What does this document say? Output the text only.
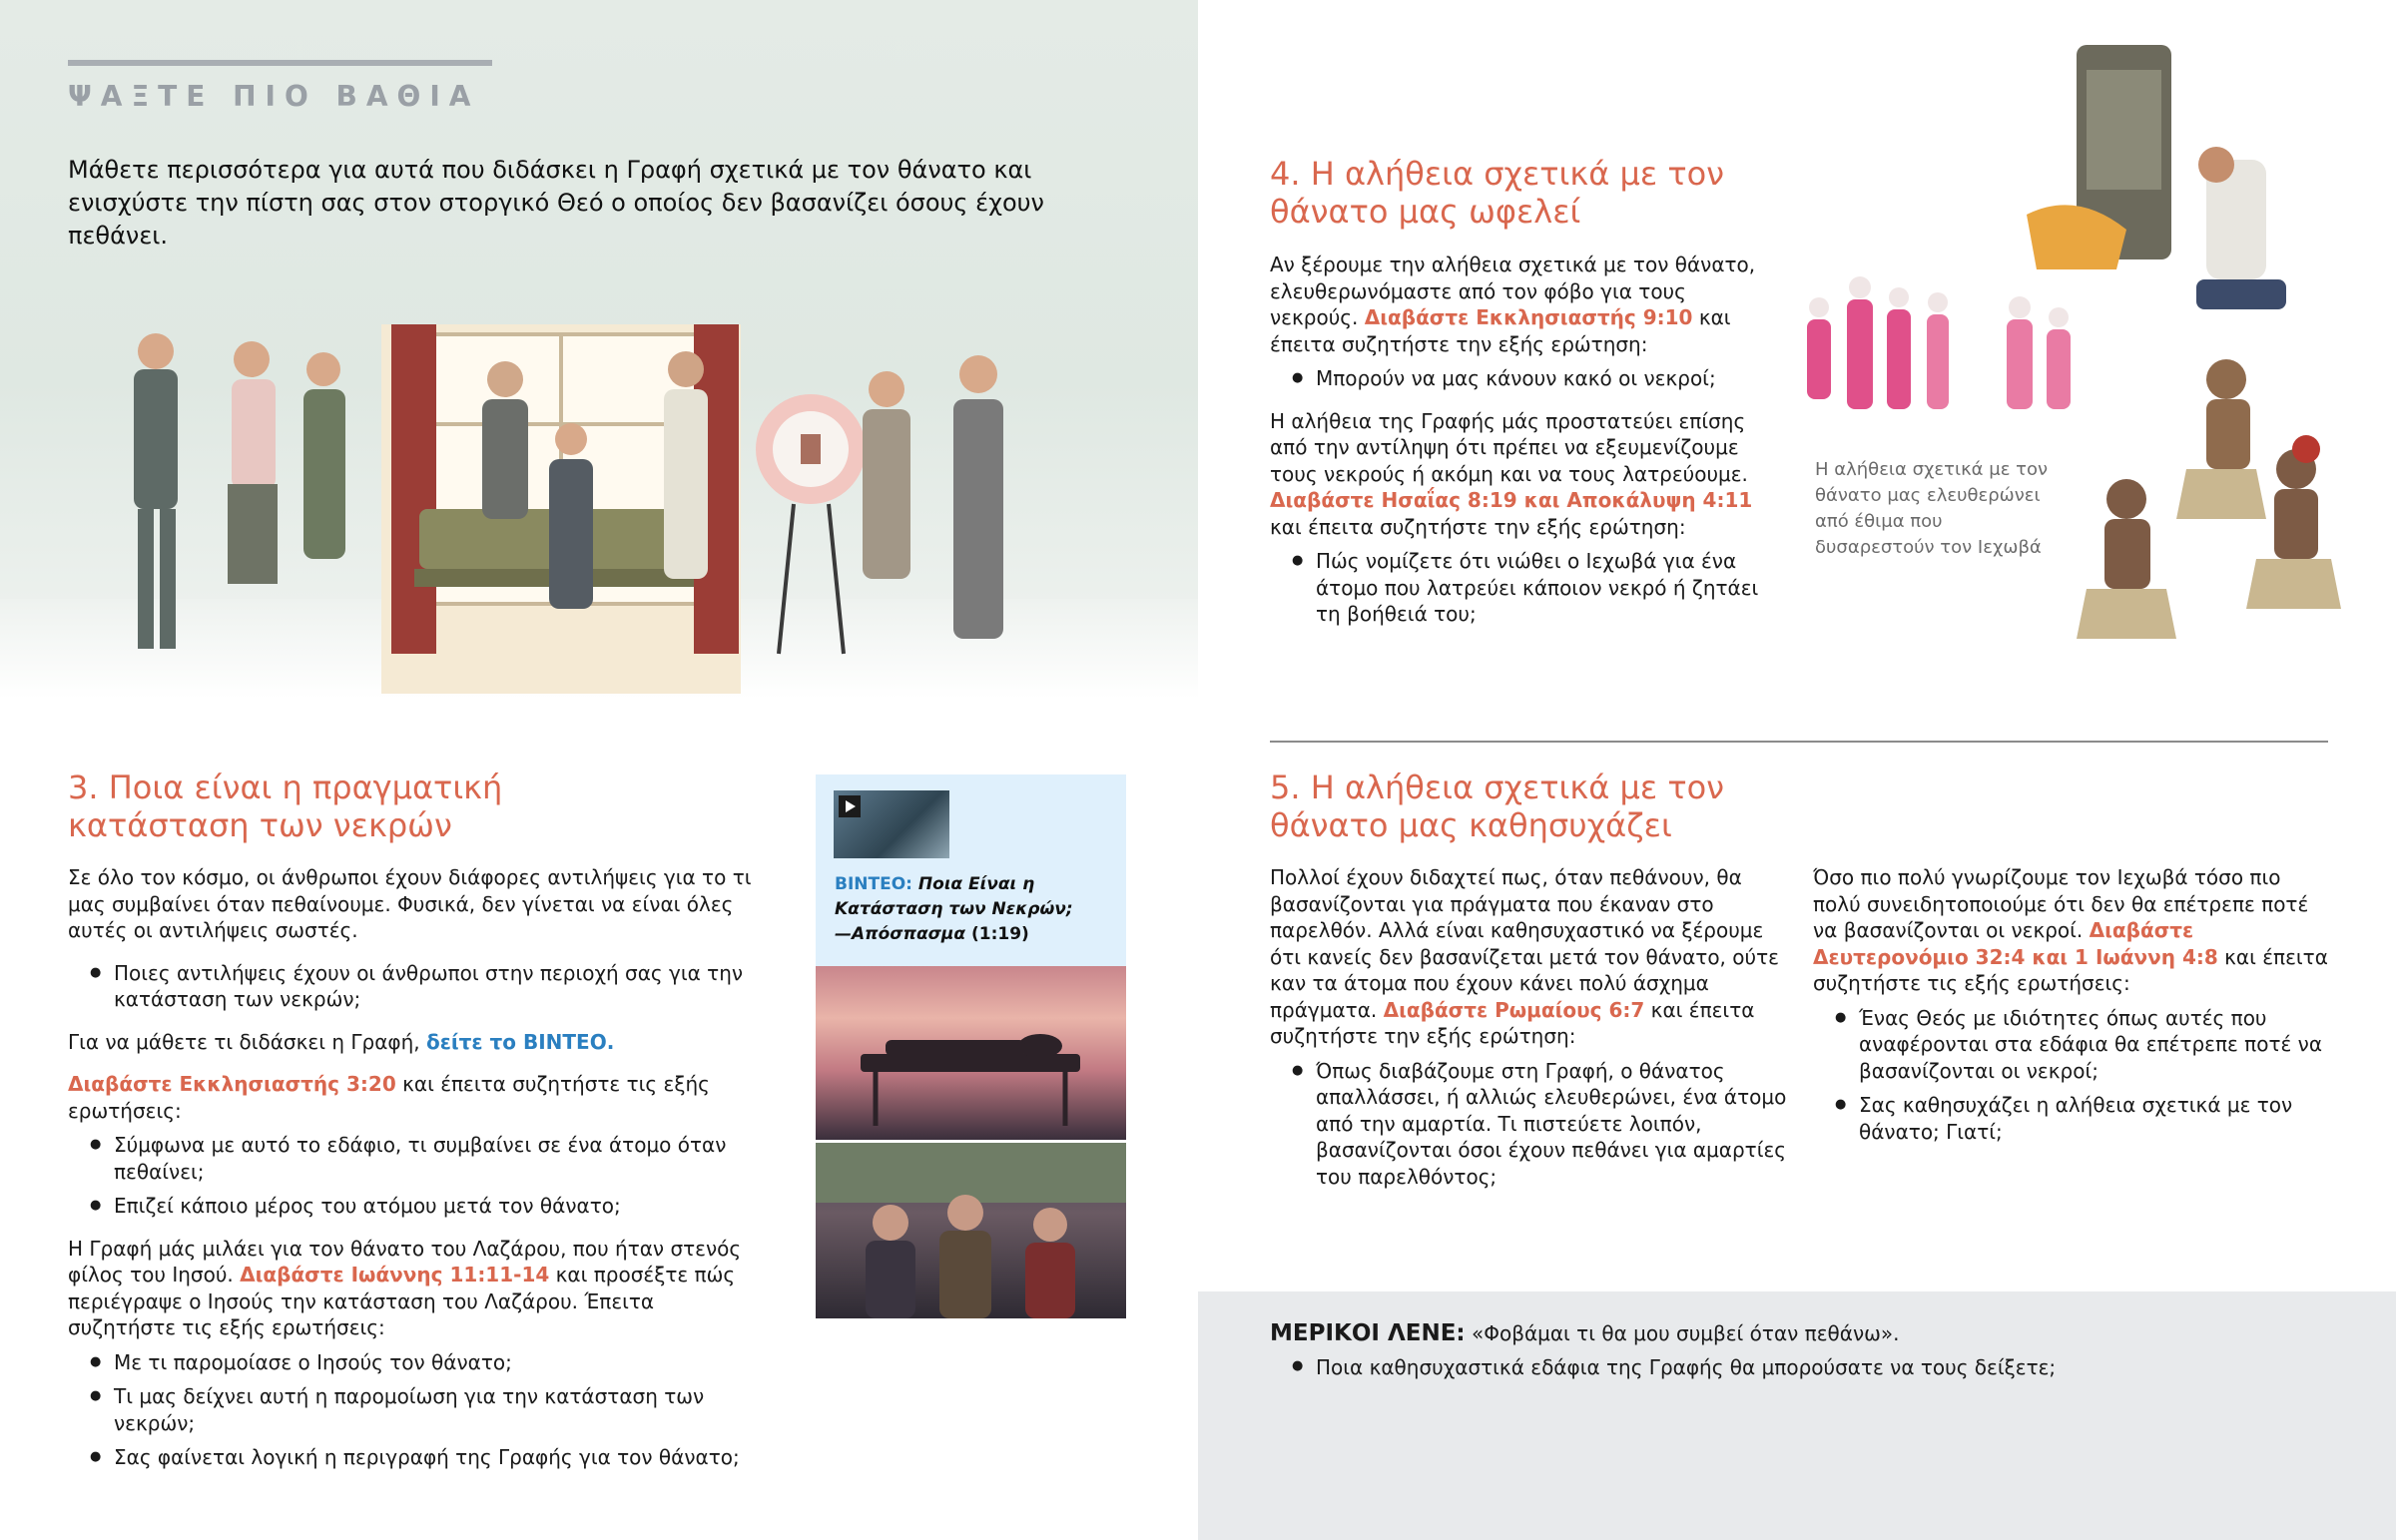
ΨΑΞΤΕ ΠΙΟ ΒΑΘΙΑ
Μάθετε περισσότερα για αυτά που διδάσκει η Γραφή σχετικά με τον θάνατο και ενισχύστε την πίστη σας στον στοργικό Θεό ο οποίος δεν βασανίζει όσους έχουν πεθάνει.
3. Ποια είναι η πραγματική κατάσταση των νεκρών

Σε όλο τον κόσμο, οι άνθρωποι έχουν διάφορες αντιλήψεις για το τι μας συμβαίνει όταν πεθαίνουμε. Φυσικά, δεν γίνεται να είναι όλες αυτές οι αντιλήψεις σωστές.

● Ποιες αντιλήψεις έχουν οι άνθρωποι στην περιοχή σας για την κατάσταση των νεκρών;

Για να μάθετε τι διδάσκει η Γραφή, δείτε το ΒΙΝΤΕΟ.

Διαβάστε Εκκλησιαστής 3:20 και έπειτα συζητήστε τις εξής ερωτήσεις:

● Σύμφωνα με αυτό το εδάφιο, τι συμβαίνει σε ένα άτομο όταν πεθαίνει;
● Επιζεί κάποιο μέρος του ατόμου μετά τον θάνατο;

Η Γραφή μάς μιλάει για τον θάνατο του Λαζάρου, που ήταν στενός φίλος του Ιησού. Διαβάστε Ιωάννης 11:11-14 και προσέξτε πώς περιέγραψε ο Ιησούς την κατάσταση του Λαζάρου. Έπειτα συζητήστε τις εξής ερωτήσεις:

● Με τι παρομοίασε ο Ιησούς τον θάνατο;
● Τι μας δείχνει αυτή η παρομοίωση για την κατάσταση των νεκρών;
● Σας φαίνεται λογική η περιγραφή της Γραφής για τον θάνατο;
ΒΙΝΤΕΟ: Ποια Είναι η Κατάσταση των Νεκρών;
—Απόσπασμα (1:19)
4. Η αλήθεια σχετικά με τον θάνατο μας ωφελεί

Αν ξέρουμε την αλήθεια σχετικά με τον θάνατο, ελευθερωνόμαστε από τον φόβο για τους νεκρούς. Διαβάστε Εκκλησιαστής 9:10 και έπειτα συζητήστε την εξής ερώτηση:

● Μπορούν να μας κάνουν κακό οι νεκροί;

Η αλήθεια της Γραφής μάς προστατεύει επίσης από την αντίληψη ότι πρέπει να εξευμενίζουμε τους νεκρούς ή ακόμη και να τους λατρεύουμε. Διαβάστε Ησαΐας 8:19 και Αποκάλυψη 4:11 και έπειτα συζητήστε την εξής ερώτηση:

● Πώς νομίζετε ότι νιώθει ο Ιεχωβά για ένα άτομο που λατρεύει κάποιον νεκρό ή ζητάει τη βοήθειά του;
Η αλήθεια σχετικά με τον θάνατο μας ελευθερώνει από έθιμα που δυσαρεστούν τον Ιεχωβά
5. Η αλήθεια σχετικά με τον θάνατο μας καθησυχάζει

Πολλοί έχουν διδαχτεί πως, όταν πεθάνουν, θα βασανίζονται για πράγματα που έκαναν στο παρελθόν. Αλλά είναι καθησυχαστικό να ξέρουμε ότι κανείς δεν βασανίζεται μετά τον θάνατο, ούτε καν τα άτομα που έχουν κάνει πολύ άσχημα πράγματα. Διαβάστε Ρωμαίους 6:7 και έπειτα συζητήστε την εξής ερώτηση:

● Όπως διαβάζουμε στη Γραφή, ο θάνατος απαλλάσσει, ή αλλιώς ελευθερώνει, ένα άτομο από την αμαρτία. Τι πιστεύετε λοιπόν, βασανίζονται όσοι έχουν πεθάνει για αμαρτίες του παρελθόντος;

Όσο πιο πολύ γνωρίζουμε τον Ιεχωβά τόσο πιο πολύ συνειδητοποιούμε ότι δεν θα επέτρεπε ποτέ να βασανίζονται οι νεκροί. Διαβάστε Δευτερονόμιο 32:4 και 1 Ιωάννη 4:8 και έπειτα συζητήστε τις εξής ερωτήσεις:

● Ένας Θεός με ιδιότητες όπως αυτές που αναφέρονται στα εδάφια θα επέτρεπε ποτέ να βασανίζονται οι νεκροί;
● Σας καθησυχάζει η αλήθεια σχετικά με τον θάνατο; Γιατί;

ΜΕΡΙΚΟΙ ΛΕΝΕ: «Φοβάμαι τι θα μου συμβεί όταν πεθάνω».

● Ποια καθησυχαστικά εδάφια της Γραφής θα μπορούσατε να τους δείξετε;
